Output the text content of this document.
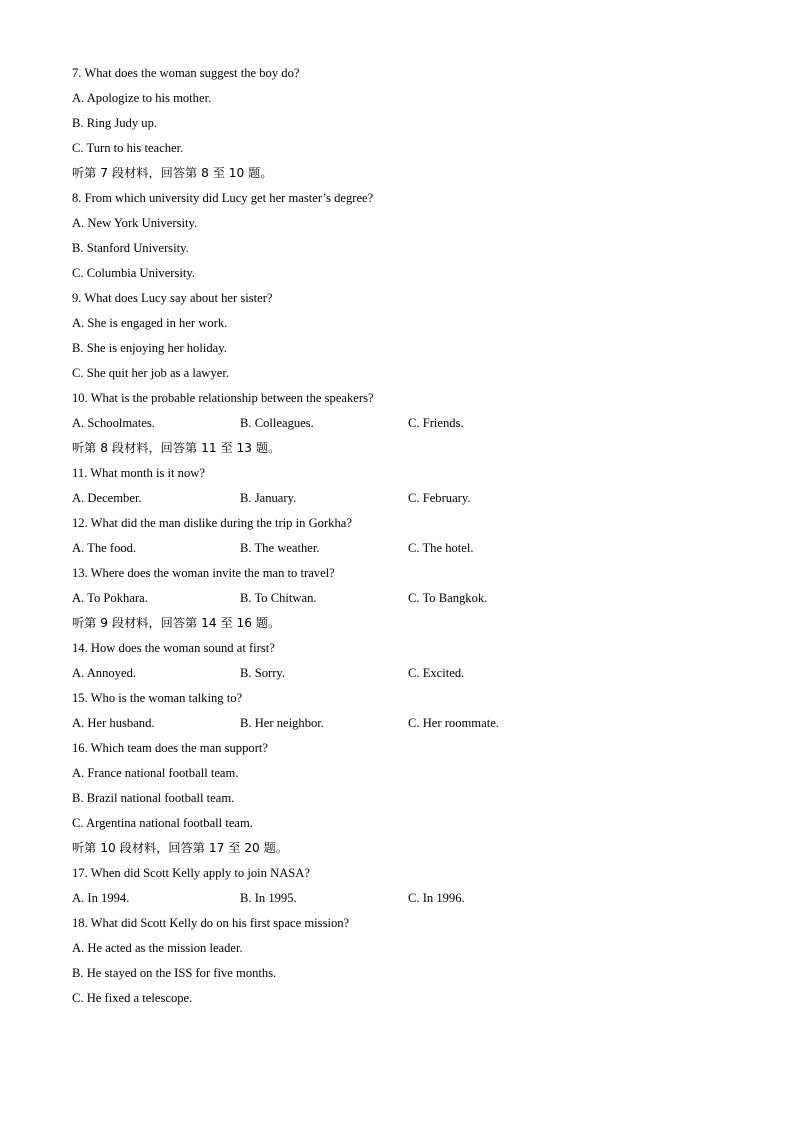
7. What does the woman suggest the boy do?
A. Apologize to his mother.
B. Ring Judy up.
C. Turn to his teacher.
听第 7 段材料，回答第 8 至 10 题。
8. From which university did Lucy get her master’s degree?
A. New York University.
B. Stanford University.
C. Columbia University.
9. What does Lucy say about her sister?
A. She is engaged in her work.
B. She is enjoying her holiday.
C. She quit her job as a lawyer.
10. What is the probable relationship between the speakers?
A. Schoolmates.	B. Colleagues.	C. Friends.
听第 8 段材料，回答第 11 至 13 题。
11. What month is it now?
A. December.	B. January.	C. February.
12. What did the man dislike during the trip in Gorkha?
A. The food.	B. The weather.	C. The hotel.
13. Where does the woman invite the man to travel?
A. To Pokhara.	B. To Chitwan.	C. To Bangkok.
听第 9 段材料，回答第 14 至 16 题。
14. How does the woman sound at first?
A. Annoyed.	B. Sorry.	C. Excited.
15. Who is the woman talking to?
A. Her husband.	B. Her neighbor.	C. Her roommate.
16. Which team does the man support?
A. France national football team.
B. Brazil national football team.
C. Argentina national football team.
听第 10 段材料，回答第 17 至 20 题。
17. When did Scott Kelly apply to join NASA?
A. In 1994.	B. In 1995.	C. In 1996.
18. What did Scott Kelly do on his first space mission?
A. He acted as the mission leader.
B. He stayed on the ISS for five months.
C. He fixed a telescope.
